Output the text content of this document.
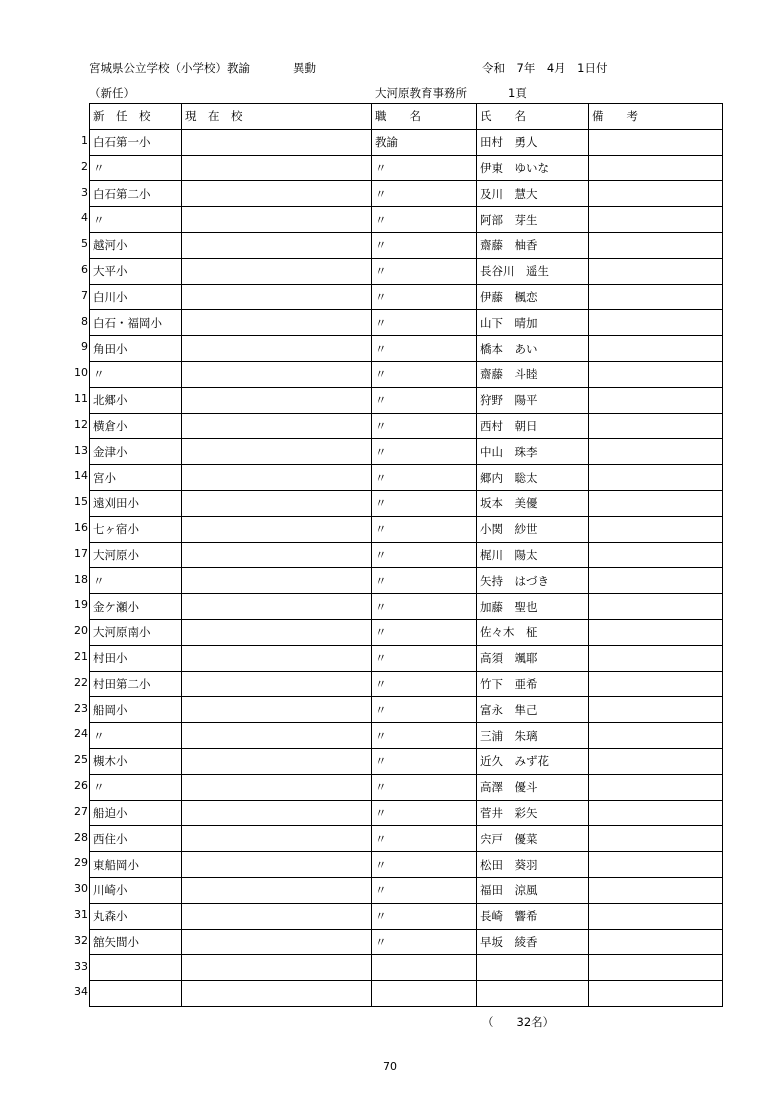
宮城県公立学校（小学校）教諭	異動	令和　7年　4月　1日付
（新任）	大河原教育事務所	1頁
1
2
3
4
5
6
7
8
9
10
11
12
13
14
15
16
17
18
19
20
21
22
23
24
25
26
27
28
29
30
31
32
33
34
新　任　校	現　在　校	職　　名	氏　　名	備　　考
白石第一小		教諭	田村　勇人	
〃		〃	伊東　ゆいな	
白石第二小		〃	及川　慧大	
〃		〃	阿部　芽生	
越河小		〃	齋藤　柚香	
大平小		〃	長谷川　遥生	
白川小		〃	伊藤　楓恋	
白石・福岡小		〃	山下　晴加	
角田小		〃	橋本　あい	
〃		〃	齋藤　斗睦	
北郷小		〃	狩野　陽平	
横倉小		〃	西村　朝日	
金津小		〃	中山　珠李	
宮小		〃	郷内　聡太	
遠刈田小		〃	坂本　美優	
七ヶ宿小		〃	小関　紗世	
大河原小		〃	梶川　陽太	
〃		〃	矢持　はづき	
金ケ瀬小		〃	加藤　聖也	
大河原南小		〃	佐々木　柾	
村田小		〃	高須　颯耶	
村田第二小		〃	竹下　亜希	
船岡小		〃	富永　隼己	
〃		〃	三浦　朱璃	
槻木小		〃	近久　みず花	
〃		〃	高澤　優斗	
船迫小		〃	菅井　彩矢	
西住小		〃	宍戸　優菜	
東船岡小		〃	松田　葵羽	
川崎小		〃	福田　涼風	
丸森小		〃	長崎　響希	
舘矢間小		〃	早坂　綾香	

（　　32名）
70
